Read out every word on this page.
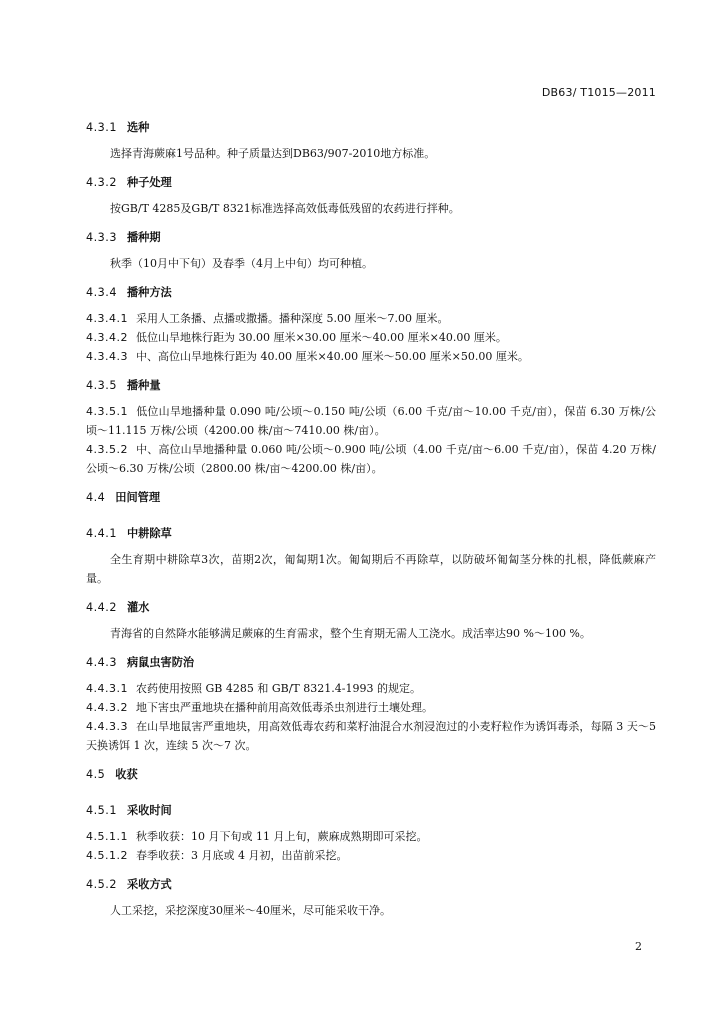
DB63/ T1015—2011
4.3.1 选种

选择青海蕨麻1号品种。种子质量达到DB63/907-2010地方标准。

4.3.2 种子处理

按GB/T 4285及GB/T 8321标准选择高效低毒低残留的农药进行拌种。

4.3.3 播种期

秋季（10月中下旬）及春季（4月上中旬）均可种植。

4.3.4 播种方法

4.3.4.1 采用人工条播、点播或撒播。播种深度 5.00 厘米～7.00 厘米。

4.3.4.2 低位山旱地株行距为 30.00 厘米×30.00 厘米～40.00 厘米×40.00 厘米。

4.3.4.3 中、高位山旱地株行距为 40.00 厘米×40.00 厘米～50.00 厘米×50.00 厘米。

4.3.5 播种量

4.3.5.1 低位山旱地播种量 0.090 吨/公顷～0.150 吨/公顷（6.00 千克/亩～10.00 千克/亩），保苗 6.30 万株/公顷～11.115 万株/公顷（4200.00 株/亩～7410.00 株/亩）。

4.3.5.2 中、高位山旱地播种量 0.060 吨/公顷～0.900 吨/公顷（4.00 千克/亩～6.00 千克/亩），保苗 4.20 万株/公顷～6.30 万株/公顷（2800.00 株/亩～4200.00 株/亩）。

4.4 田间管理
4.4.1 中耕除草

全生育期中耕除草3次，苗期2次，匍匐期1次。匍匐期后不再除草，以防破坏匍匐茎分株的扎根，降低蕨麻产量。

4.4.2 灌水

青海省的自然降水能够满足蕨麻的生育需求，整个生育期无需人工浇水。成活率达90 %～100 %。

4.4.3 病鼠虫害防治

4.4.3.1 农药使用按照 GB 4285 和 GB/T 8321.4-1993 的规定。

4.4.3.2 地下害虫严重地块在播种前用高效低毒杀虫剂进行土壤处理。

4.4.3.3 在山旱地鼠害严重地块，用高效低毒农药和菜籽油混合水剂浸泡过的小麦籽粒作为诱饵毒杀，每隔 3 天～5 天换诱饵 1 次，连续 5 次～7 次。

4.5 收获
4.5.1 采收时间

4.5.1.1 秋季收获：10 月下旬或 11 月上旬，蕨麻成熟期即可采挖。

4.5.1.2 春季收获：3 月底或 4 月初，出苗前采挖。

4.5.2 采收方式

人工采挖，采挖深度30厘米～40厘米，尽可能采收干净。

2
